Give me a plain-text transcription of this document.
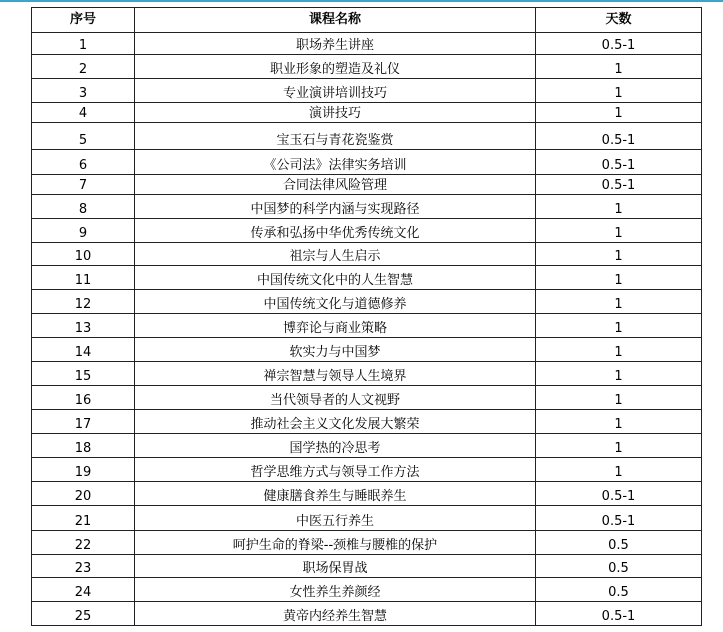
序号	课程名称	天数

1	职场养生讲座	0.5-1

2	职业形象的塑造及礼仪	1

3	专业演讲培训技巧	1

4	演讲技巧	1

5	宝玉石与青花瓷鉴赏	0.5-1

6	《公司法》法律实务培训	0.5-1

7	合同法律风险管理	0.5-1

8	中国梦的科学内涵与实现路径	1

9	传承和弘扬中华优秀传统文化	1

10	祖宗与人生启示	1

11	中国传统文化中的人生智慧	1

12	中国传统文化与道德修养	1

13	博弈论与商业策略	1

14	软实力与中国梦	1

15	禅宗智慧与领导人生境界	1

16	当代领导者的人文视野	1

17	推动社会主义文化发展大繁荣	1

18	国学热的冷思考	1

19	哲学思维方式与领导工作方法	1

20	健康膳食养生与睡眠养生	0.5-1

21	中医五行养生	0.5-1

22	呵护生命的脊梁--颈椎与腰椎的保护	0.5

23	职场保胃战	0.5

24	女性养生养颜经	0.5

25	黄帝内经养生智慧	0.5-1
